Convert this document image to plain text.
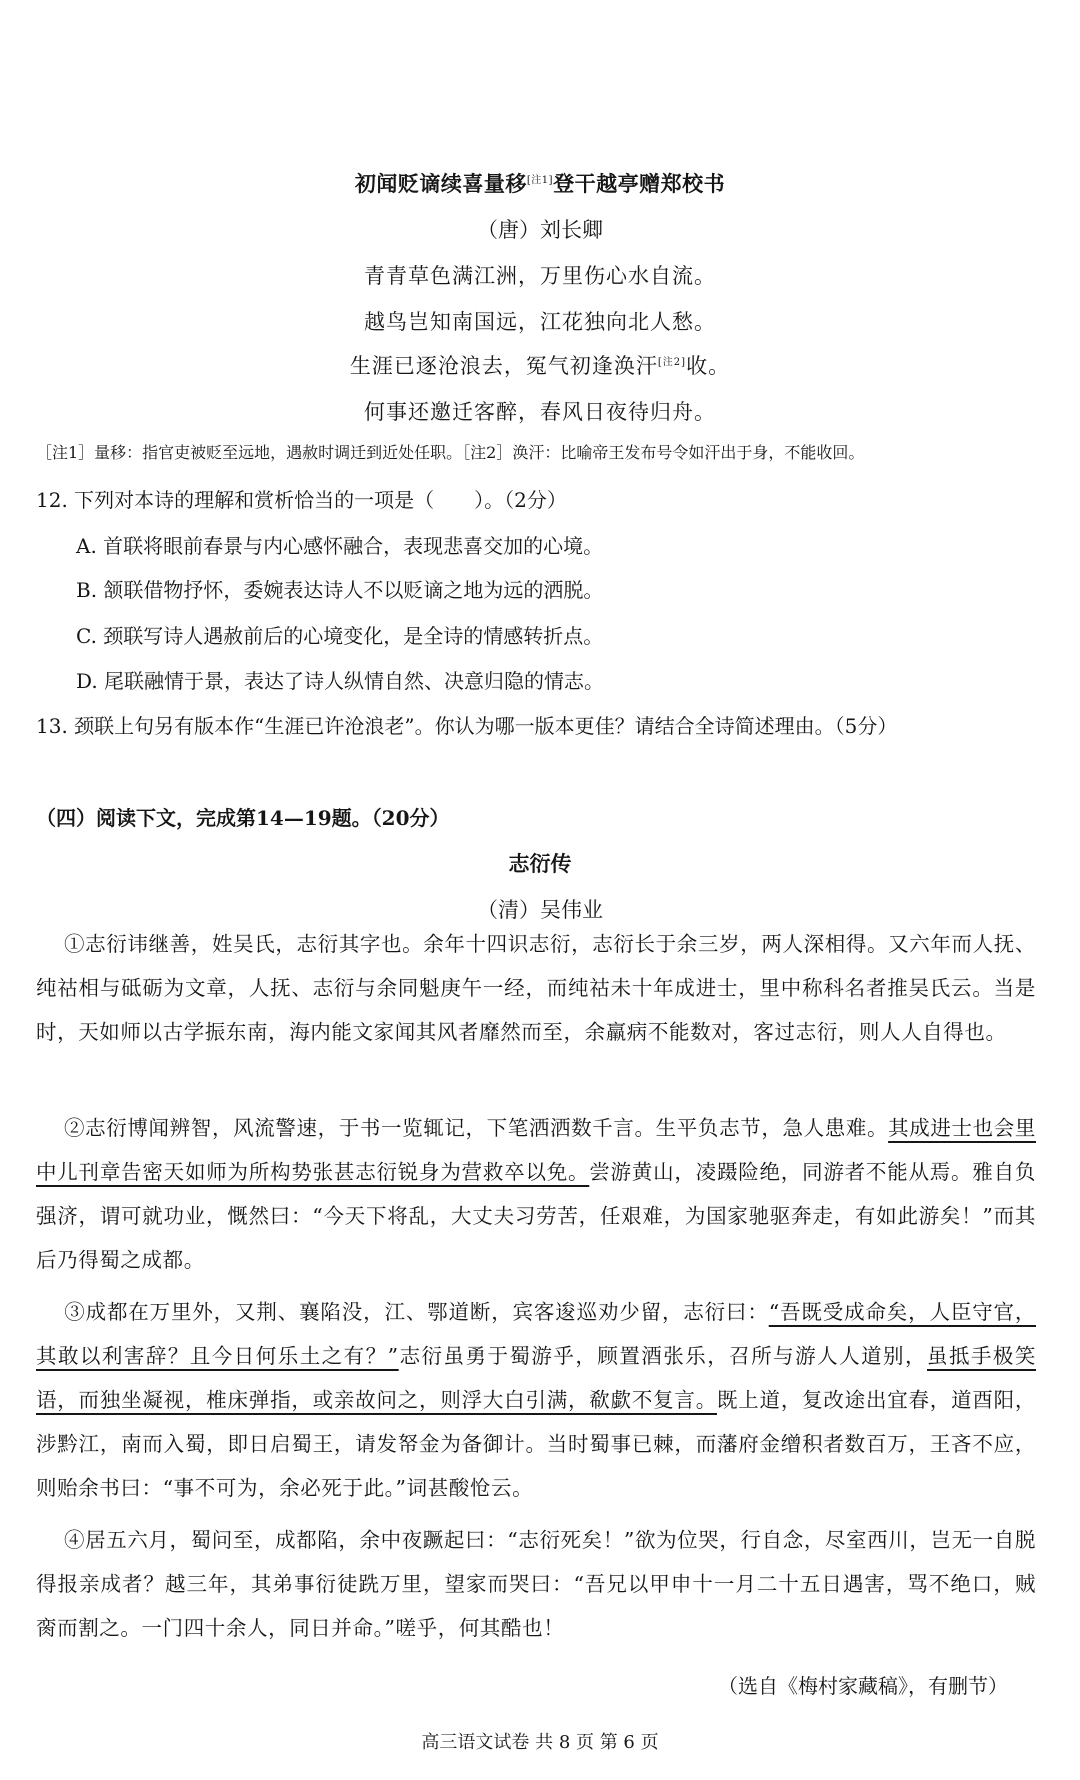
初闻贬谪续喜量移[注1]登干越亭赠郑校书
（唐）刘长卿
青青草色满江洲，万里伤心水自流。
越鸟岂知南国远，江花独向北人愁。
生涯已逐沧浪去，冤气初逢涣汗[注2]收。
何事还邀迁客醉，春风日夜待归舟。
［注1］量移：指官吏被贬至远地，遇赦时调迁到近处任职。［注2］涣汗：比喻帝王发布号令如汗出于身，不能收回。
12. 下列对本诗的理解和赏析恰当的一项是（　　）。（2分）
A. 首联将眼前春景与内心感怀融合，表现悲喜交加的心境。
B. 颔联借物抒怀，委婉表达诗人不以贬谪之地为远的洒脱。
C. 颈联写诗人遇赦前后的心境变化，是全诗的情感转折点。
D. 尾联融情于景，表达了诗人纵情自然、决意归隐的情志。
13. 颈联上句另有版本作“生涯已许沧浪老”。你认为哪一版本更佳？请结合全诗简述理由。（5分）
（四）阅读下文，完成第14—19题。（20分）
志衍传
（清）吴伟业
①志衍讳继善，姓吴氏，志衍其字也。余年十四识志衍，志衍长于余三岁，两人深相得。又六年而人抚、纯祜相与砥砺为文章，人抚、志衍与余同魁庚午一经，而纯祜未十年成进士，里中称科名者推吴氏云。当是时，天如师以古学振东南，海内能文家闻其风者靡然而至，余羸病不能数对，客过志衍，则人人自得也。
②志衍博闻辨智，风流警速，于书一览辄记，下笔洒洒数千言。生平负志节，急人患难。其成进士也会里中儿刊章告密天如师为所构势张甚志衍锐身为营救卒以免。尝游黄山，凌蹑险绝，同游者不能从焉。雅自负强济，谓可就功业，慨然曰：“今天下将乱，大丈夫习劳苦，任艰难，为国家驰驱奔走，有如此游矣！”而其后乃得蜀之成都。
③成都在万里外，又荆、襄陷没，江、鄂道断，宾客逡巡劝少留，志衍曰：“吾既受成命矣，人臣守官，其敢以利害辞？且今日何乐土之有？”志衍虽勇于蜀游乎，顾置酒张乐，召所与游人人道别，虽抵手极笑语，而独坐凝视，椎床弹指，或亲故问之，则浮大白引满，欷歔不复言。既上道，复改途出宜春，道酉阳，涉黔江，南而入蜀，即日启蜀王，请发帑金为备御计。当时蜀事已棘，而藩府金缯积者数百万，王吝不应，则贻余书曰：“事不可为，余必死于此。”词甚酸怆云。
④居五六月，蜀问至，成都陷，余中夜蹶起曰：“志衍死矣！”欲为位哭，行自念，尽室西川，岂无一自脱得报亲成者？越三年，其弟事衍徒跣万里，望家而哭曰：“吾兄以甲申十一月二十五日遇害，骂不绝口，贼脔而割之。一门四十余人，同日并命。”嗟乎，何其酷也！
（选自《梅村家藏稿》，有删节）
高三语文试卷 共 8 页 第 6 页
